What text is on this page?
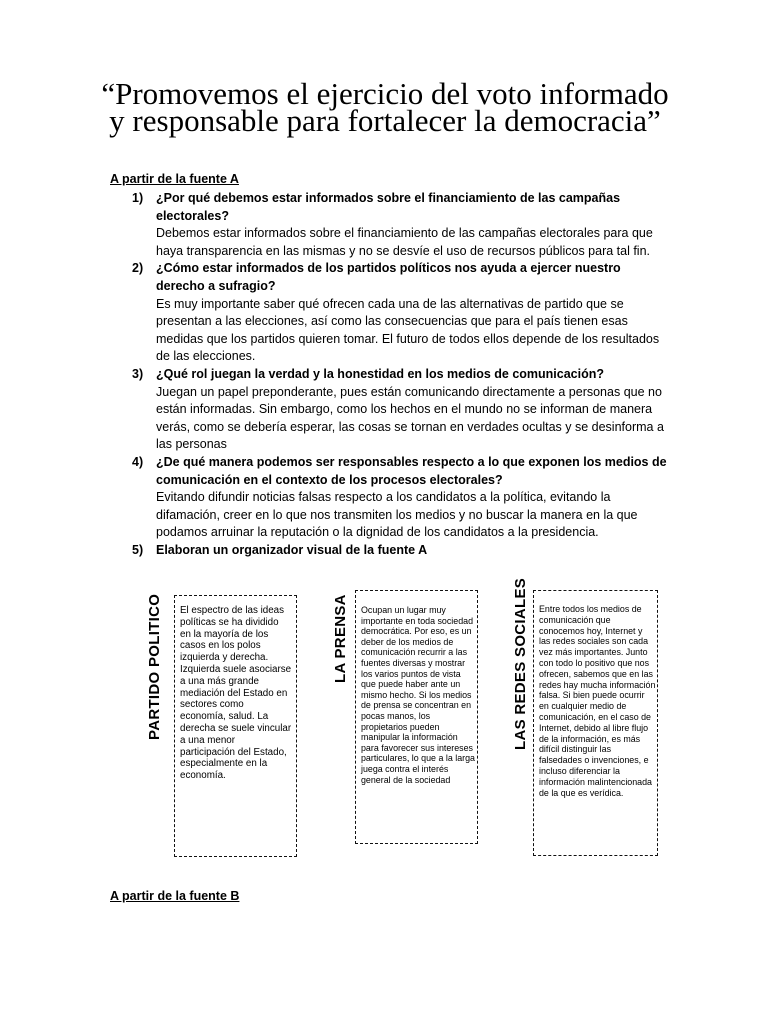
“Promovemos el ejercicio del voto informado y responsable para fortalecer la democracia”
A partir de la fuente A
1) ¿Por qué debemos estar informados sobre el financiamiento de las campañas electorales?
Debemos estar informados sobre el financiamiento de las campañas electorales para que haya transparencia en las mismas y no se desvíe el uso de recursos públicos para tal fin.
2) ¿Cómo estar informados de los partidos políticos nos ayuda a ejercer nuestro derecho a sufragio?
Es muy importante saber qué ofrecen cada una de las alternativas de partido que se presentan a las elecciones, así como las consecuencias que para el país tienen esas medidas que los partidos quieren tomar. El futuro de todos ellos depende de los resultados de las elecciones.
3) ¿Qué rol juegan la verdad y la honestidad en los medios de comunicación?
Juegan un papel preponderante, pues están comunicando directamente a personas que no están informadas. Sin embargo, como los hechos en el mundo no se informan de manera verás, como se debería esperar, las cosas se tornan en verdades ocultas y se desinforma a las personas
4) ¿De qué manera podemos ser responsables respecto a lo que exponen los medios de comunicación en el contexto de los procesos electorales?
Evitando difundir noticias falsas respecto a los candidatos a la política, evitando la difamación, creer en lo que nos transmiten los medios y no buscar la manera en la que podamos arruinar la reputación o la dignidad de los candidatos a la presidencia.
5) Elaboran un organizador visual de la fuente A
PARTIDO POLITICO El espectro de las ideas políticas se ha dividido en la mayoría de los casos en los polos izquierda y derecha. Izquierda suele asociarse a una más grande mediación del Estado en sectores como economía, salud. La derecha se suele vincular a una menor participación del Estado, especialmente en la economía.
LA PRENSA Ocupan un lugar muy importante en toda sociedad democrática. Por eso, es un deber de los medios de comunicación recurrir a las fuentes diversas y mostrar los varios puntos de vista que puede haber ante un mismo hecho. Si los medios de prensa se concentran en pocas manos, los propietarios pueden manipular la información para favorecer sus intereses particulares, lo que a la larga juega contra el interés general de la sociedad
LAS REDES SOCIALES Entre todos los medios de comunicación que conocemos hoy, Internet y las redes sociales son cada vez más importantes. Junto con todo lo positivo que nos ofrecen, sabemos que en las redes hay mucha información falsa. Si bien puede ocurrir en cualquier medio de comunicación, en el caso de Internet, debido al libre flujo de la información, es más difícil distinguir las falsedades o invenciones, e incluso diferenciar la información malintencionada de la que es verídica.
A partir de la fuente B
